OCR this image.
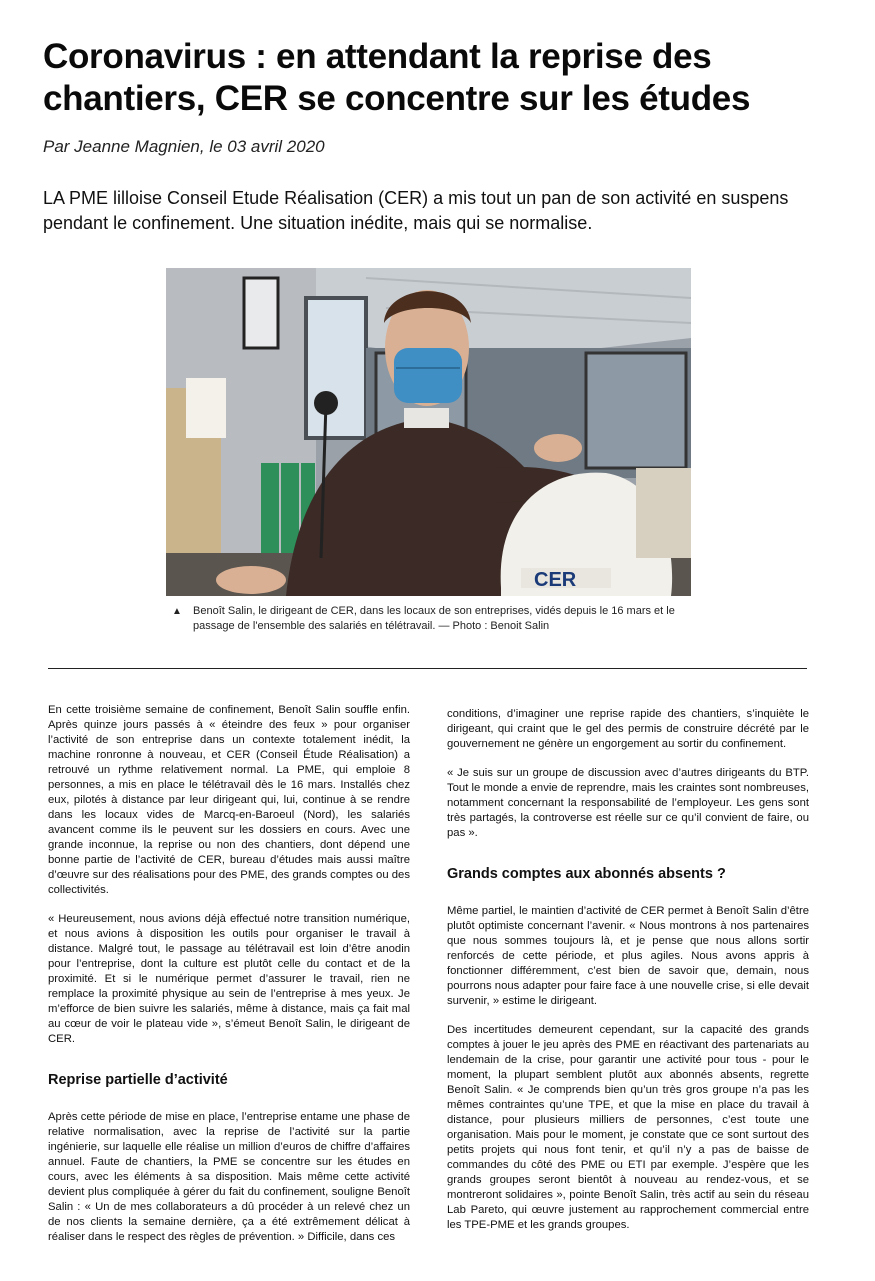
Coronavirus : en attendant la reprise des chantiers, CER se concentre sur les études

Par Jeanne Magnien, le 03 avril 2020

LA PME lilloise Conseil Etude Réalisation (CER) a mis tout un pan de son activité en suspens pendant le confinement. Une situation inédite, mais qui se normalise.

CER
▲	Benoît Salin, le dirigeant de CER, dans les locaux de son entreprises, vidés depuis le 16 mars et le passage de l'ensemble des salariés en télétravail. — Photo : Benoit Salin

En cette troisième semaine de confinement, Benoît Salin souffle enfin. Après quinze jours passés à « éteindre des feux » pour organiser l’activité de son entreprise dans un contexte totalement inédit, la machine ronronne à nouveau, et CER (Conseil Étude Réalisation) a retrouvé un rythme relativement normal. La PME, qui emploie 8 personnes, a mis en place le télétravail dès le 16 mars. Installés chez eux, pilotés à distance par leur dirigeant qui, lui, continue à se rendre dans les locaux vides de Marcq-en-Baroeul (Nord), les salariés avancent comme ils le peuvent sur les dossiers en cours. Avec une grande inconnue, la reprise ou non des chantiers, dont dépend une bonne partie de l’activité de CER, bureau d’études mais aussi maître d’œuvre sur des réalisations pour des PME, des grands comptes ou des collectivités.

« Heureusement, nous avions déjà effectué notre transition numérique, et nous avions à disposition les outils pour organiser le travail à distance. Malgré tout, le passage au télétravail est loin d’être anodin pour l’entreprise, dont la culture est plutôt celle du contact et de la proximité. Et si le numérique permet d’assurer le travail, rien ne remplace la proximité physique au sein de l’entreprise à mes yeux. Je m’efforce de bien suivre les salariés, même à distance, mais ça fait mal au cœur de voir le plateau vide », s’émeut Benoît Salin, le dirigeant de CER.

Reprise partielle d’activité

Après cette période de mise en place, l’entreprise entame une phase de relative normalisation, avec la reprise de l’activité sur la partie ingénierie, sur laquelle elle réalise un million d’euros de chiffre d’affaires annuel. Faute de chantiers, la PME se concentre sur les études en cours, avec les éléments à sa disposition. Mais même cette activité devient plus compliquée à gérer du fait du confinement, souligne Benoît Salin : « Un de mes collaborateurs a dû procéder à un relevé chez un de nos clients la semaine dernière, ça a été extrêmement délicat à réaliser dans le respect des règles de prévention. » Difficile, dans ces

conditions, d’imaginer une reprise rapide des chantiers, s’inquiète le dirigeant, qui craint que le gel des permis de construire décrété par le gouvernement ne génère un engorgement au sortir du confinement.

« Je suis sur un groupe de discussion avec d’autres dirigeants du BTP. Tout le monde a envie de reprendre, mais les craintes sont nombreuses, notamment concernant la responsabilité de l’employeur. Les gens sont très partagés, la controverse est réelle sur ce qu’il convient de faire, ou pas ».

Grands comptes aux abonnés absents ?

Même partiel, le maintien d’activité de CER permet à Benoît Salin d’être plutôt optimiste concernant l’avenir. « Nous montrons à nos partenaires que nous sommes toujours là, et je pense que nous allons sortir renforcés de cette période, et plus agiles. Nous avons appris à fonctionner différemment, c’est bien de savoir que, demain, nous pourrons nous adapter pour faire face à une nouvelle crise, si elle devait survenir, » estime le dirigeant.

Des incertitudes demeurent cependant, sur la capacité des grands comptes à jouer le jeu après des PME en réactivant des partenariats au lendemain de la crise, pour garantir une activité pour tous - pour le moment, la plupart semblent plutôt aux abonnés absents, regrette Benoît Salin. « Je comprends bien qu’un très gros groupe n’a pas les mêmes contraintes qu’une TPE, et que la mise en place du travail à distance, pour plusieurs milliers de personnes, c’est toute une organisation. Mais pour le moment, je constate que ce sont surtout des petits projets qui nous font tenir, et qu’il n’y a pas de baisse de commandes du côté des PME ou ETI par exemple. J’espère que les grands groupes seront bientôt à nouveau au rendez-vous, et se montreront solidaires », pointe Benoît Salin, très actif au sein du réseau Lab Pareto, qui œuvre justement au rapprochement commercial entre les TPE-PME et les grands groupes.
